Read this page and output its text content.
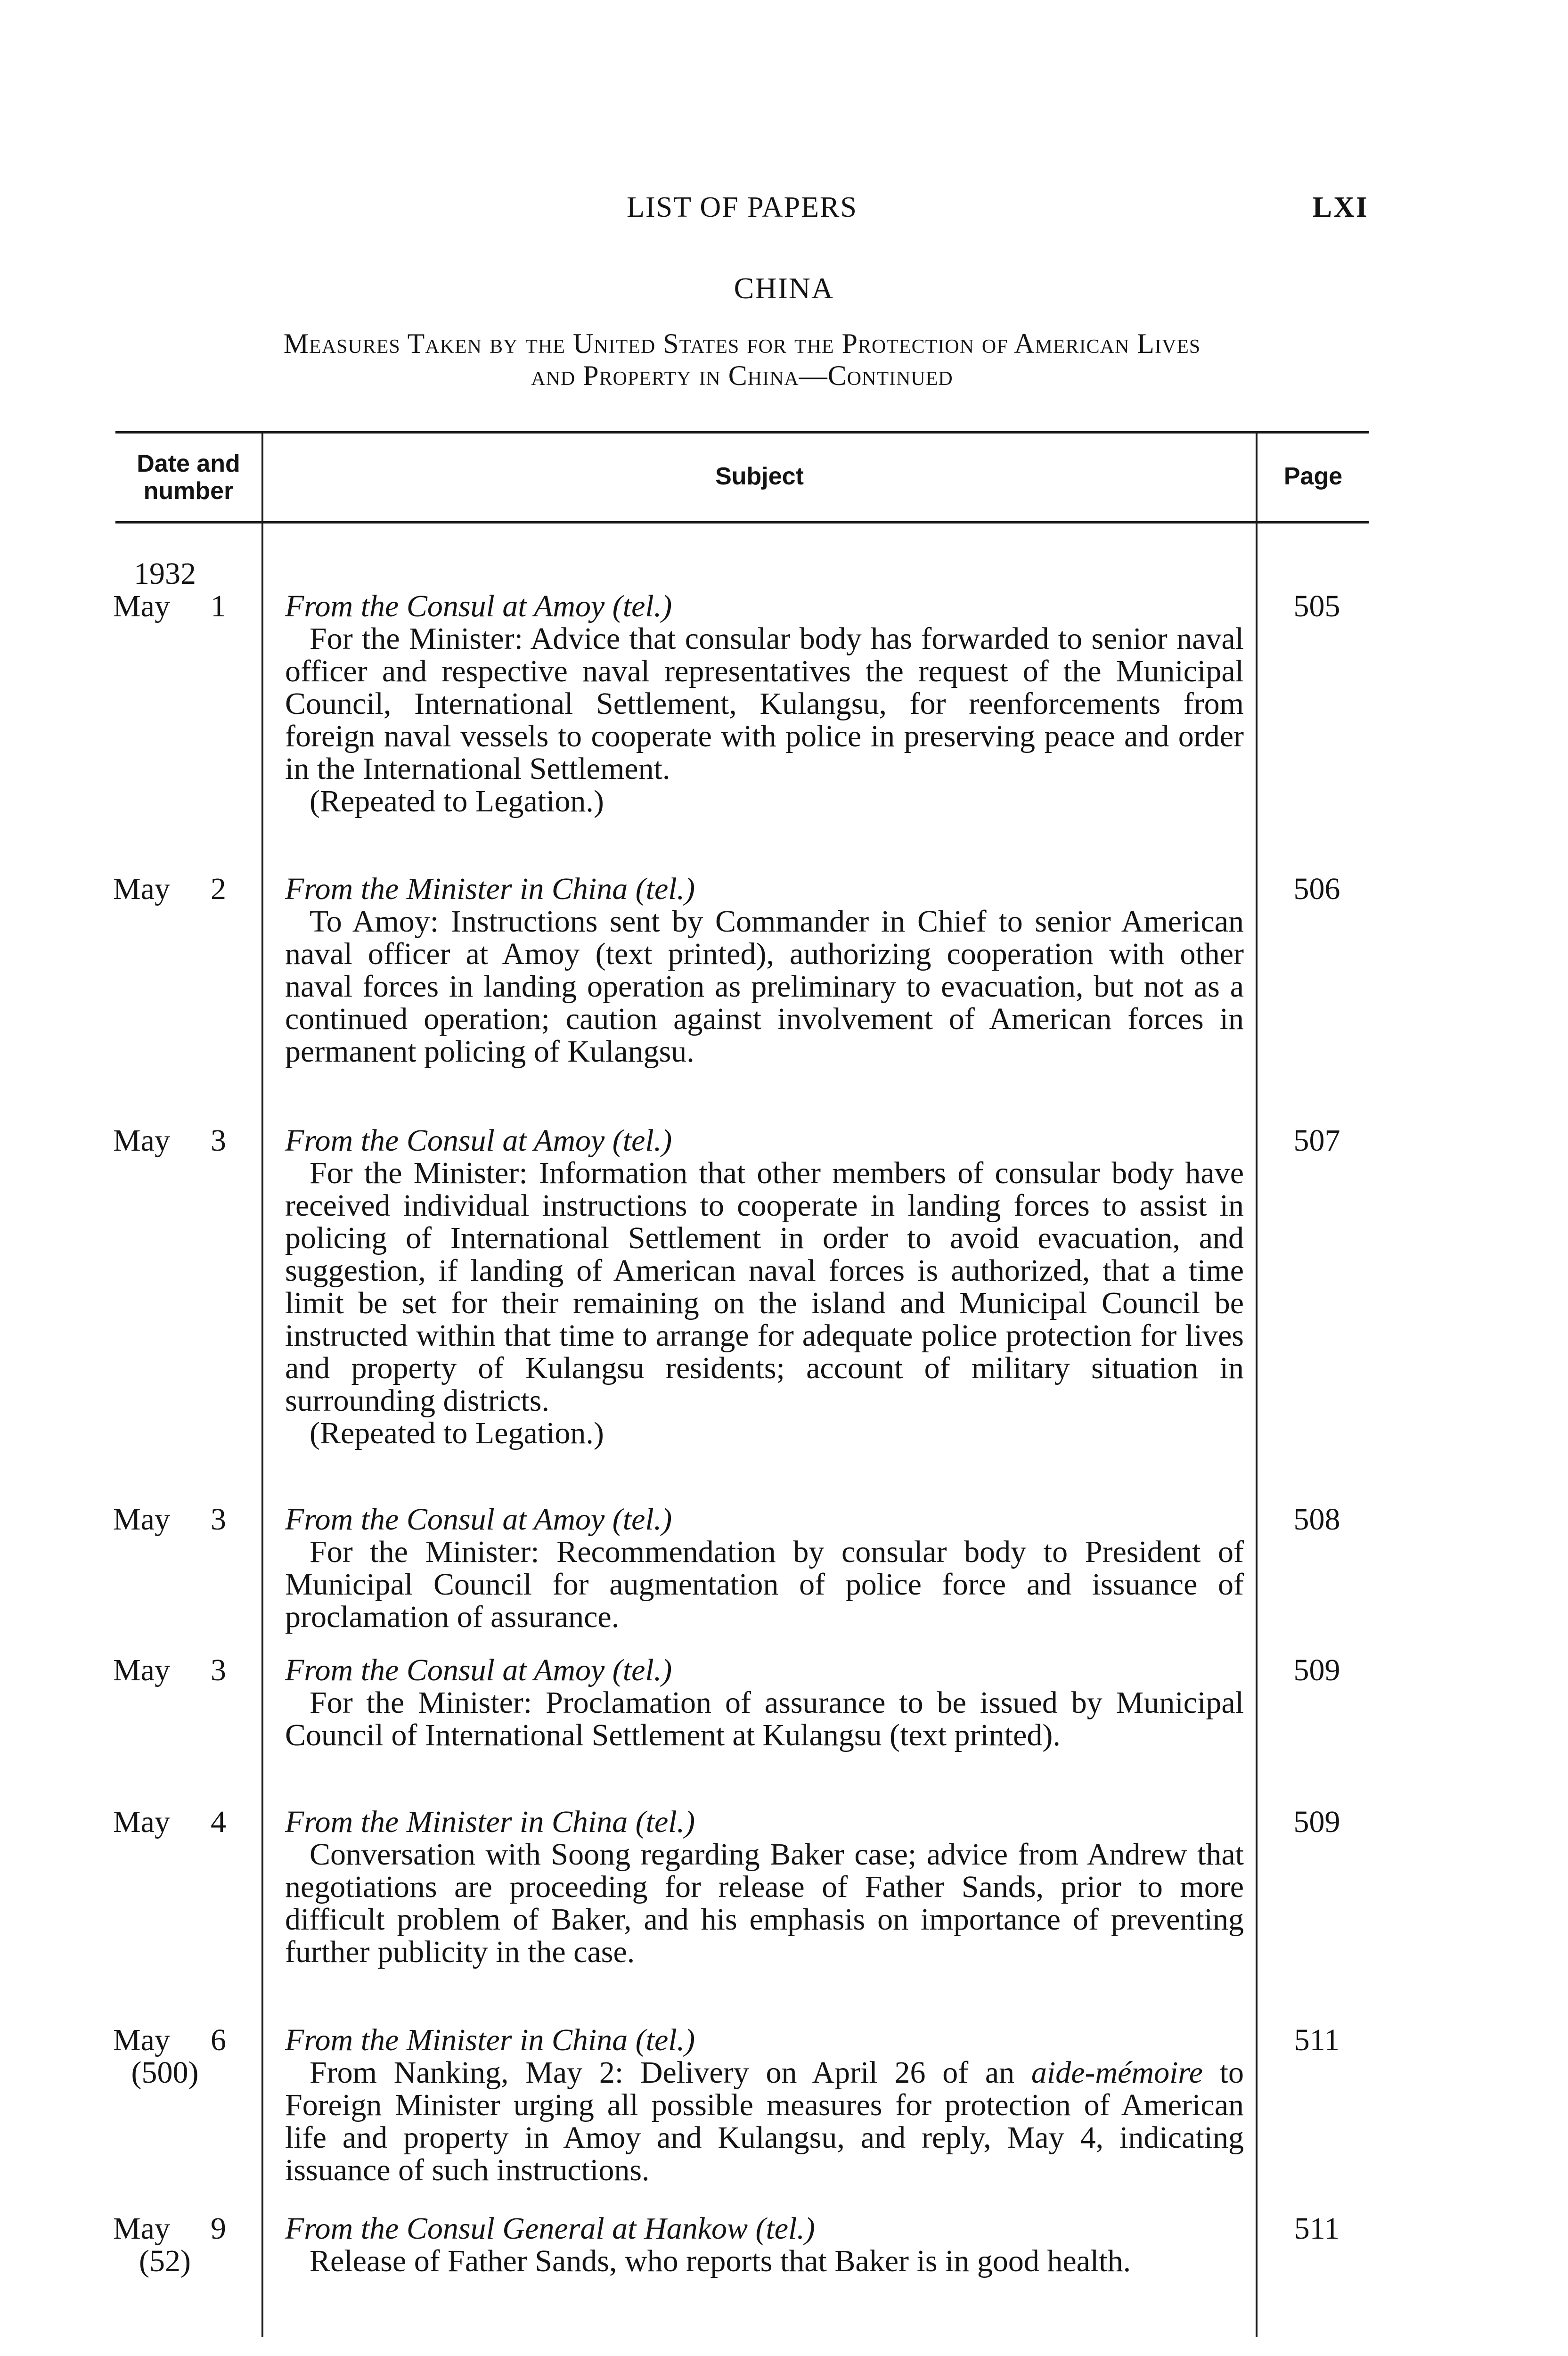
LIST OF PAPERS	LXI
CHINA
Measures Taken by the United States for the Protection of American Lives
and Property in China—Continued
Date and
number
Subject	Page
1932
May 1 From the Consul at Amoy (tel.)
For the Minister: Advice that consular body has forwarded to senior naval officer and respective naval representatives the request of the Municipal Council, International Settlement, Kulangsu, for reenforcements from foreign naval vessels to cooperate with police in preserving peace and order in the International Settlement.
(Repeated to Legation.)
505
May 2 From the Minister in China (tel.)
To Amoy: Instructions sent by Commander in Chief to senior American naval officer at Amoy (text printed), authorizing cooperation with other naval forces in landing operation as preliminary to evacuation, but not as a continued operation; caution against involvement of American forces in permanent policing of Kulangsu.
506
May 3 From the Consul at Amoy (tel.)
For the Minister: Information that other members of consular body have received individual instructions to cooperate in landing forces to assist in policing of International Settlement in order to avoid evacuation, and suggestion, if landing of American naval forces is authorized, that a time limit be set for their remaining on the island and Municipal Council be instructed within that time to arrange for adequate police protection for lives and property of Kulangsu residents; account of military situation in surrounding districts.
(Repeated to Legation.)
507
May 3 From the Consul at Amoy (tel.)
For the Minister: Recommendation by consular body to President of Municipal Council for augmentation of police force and issuance of proclamation of assurance.
508
May 3 From the Consul at Amoy (tel.)
For the Minister: Proclamation of assurance to be issued by Municipal Council of International Settlement at Kulangsu (text printed).
509
May 4 From the Minister in China (tel.)
Conversation with Soong regarding Baker case; advice from Andrew that negotiations are proceeding for release of Father Sands, prior to more difficult problem of Baker, and his emphasis on importance of preventing further publicity in the case.
509
May 6
(500)
From the Minister in China (tel.)
From Nanking, May 2: Delivery on April 26 of an aide-mémoire to Foreign Minister urging all possible measures for protection of American life and property in Amoy and Kulangsu, and reply, May 4, indicating issuance of such instructions.
511
May 9
(52)
From the Consul General at Hankow (tel.)
Release of Father Sands, who reports that Baker is in good health.
511
